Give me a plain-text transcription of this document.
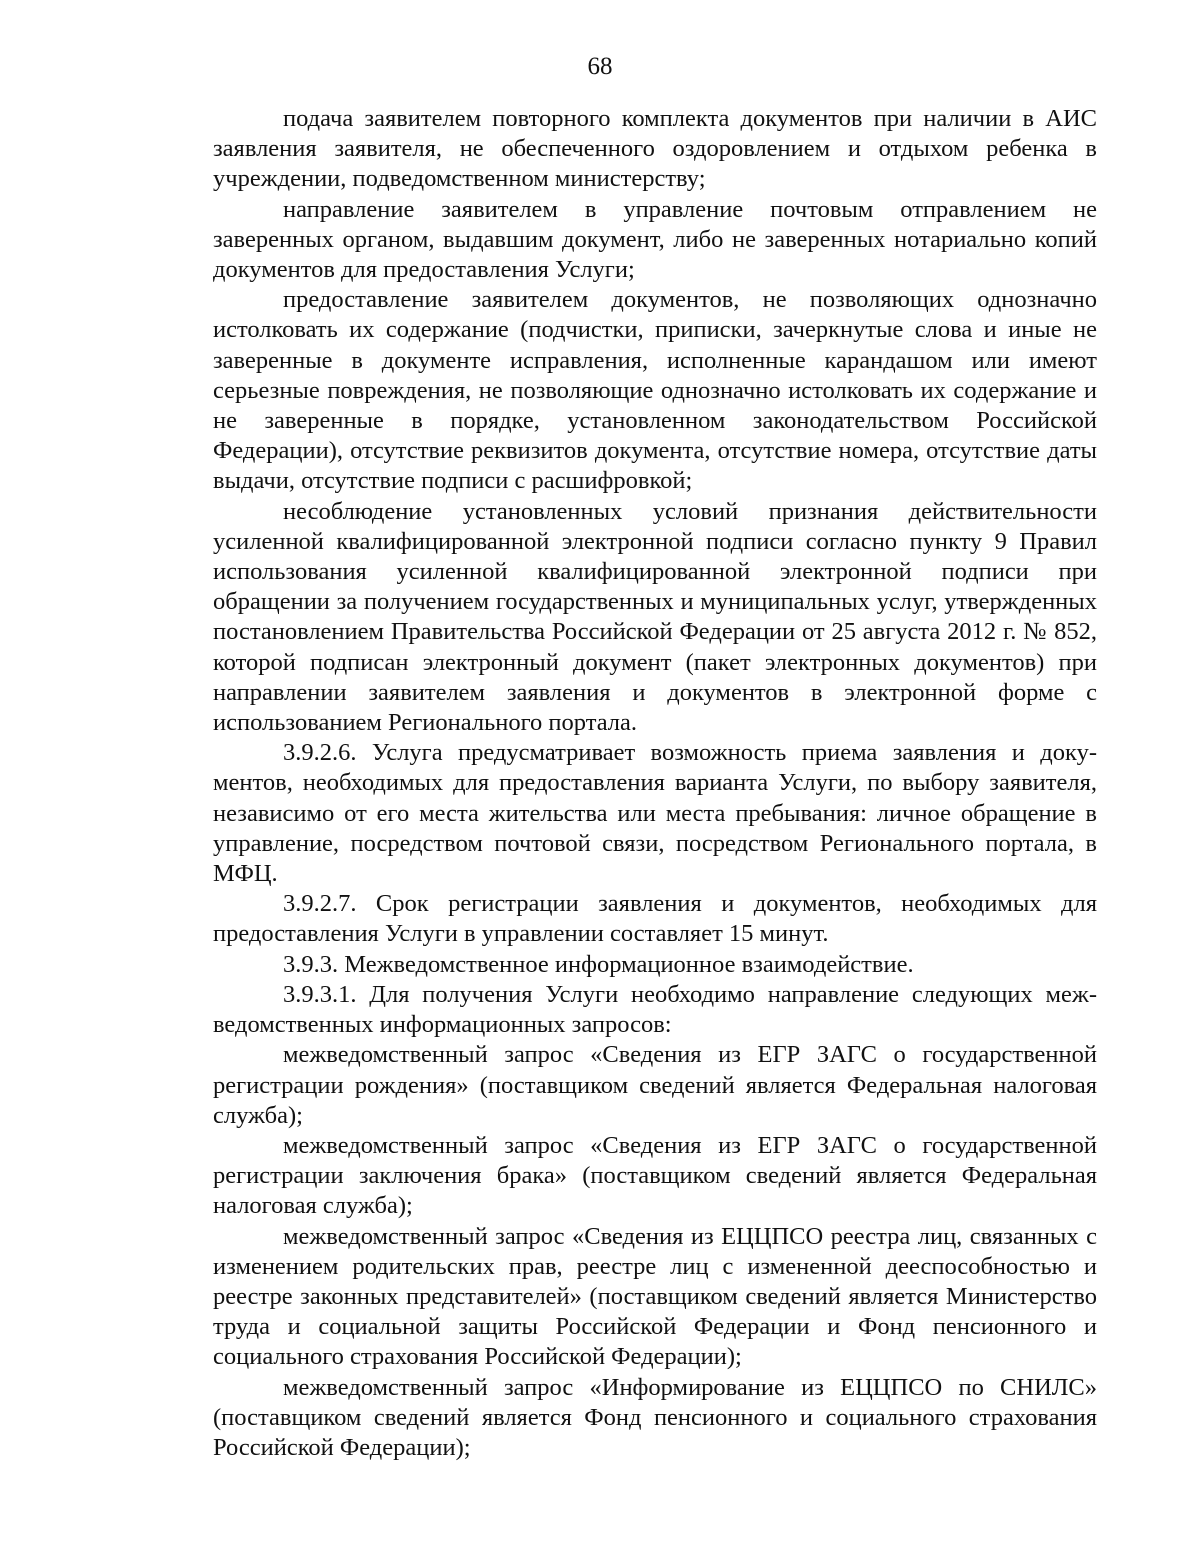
68

подача заявителем повторного комплекта документов при наличии в АИС заявления заявителя, не обеспеченного оздоровлением и отдыхом ребенка в учреждении, подведомственном министерству;

направление заявителем в управление почтовым отправлением не заверенных органом, выдавшим документ, либо не заверенных нотариально копий документов для предоставления Услуги;

предоставление заявителем документов, не позволяющих однозначно истолковать их содержание (подчистки, приписки, зачеркнутые слова и иные не заверенные в документе исправления, исполненные карандашом или имеют серьезные повреждения, не позволяющие однозначно истолковать их содержание и не заверенные в порядке, установленном законодательством Российской Федерации), отсутствие реквизитов документа, отсутствие номера, отсутствие даты выдачи, отсутствие подписи с расшифровкой;

несоблюдение установленных условий признания действительности усиленной квалифицированной электронной подписи согласно пункту 9 Правил использования усиленной квалифицированной электронной подписи при обращении за получением государственных и муниципальных услуг, утвержденных постановлением Правительства Российской Федерации от 25 августа 2012 г. № 852, которой подписан электронный документ (пакет электронных документов) при направлении заявителем заявления и документов в электронной форме с использованием Регионального портала.

3.9.2.6. Услуга предусматривает возможность приема заявления и документов, необходимых для предоставления варианта Услуги, по выбору заявителя, независимо от его места жительства или места пребывания: личное обращение в управление, посредством почтовой связи, посредством Регионального портала, в МФЦ.

3.9.2.7. Срок регистрации заявления и документов, необходимых для предоставления Услуги в управлении составляет 15 минут.

3.9.3. Межведомственное информационное взаимодействие.

3.9.3.1. Для получения Услуги необходимо направление следующих межведомственных информационных запросов:

межведомственный запрос «Сведения из ЕГР ЗАГС о государственной регистрации рождения» (поставщиком сведений является Федеральная налоговая служба);

межведомственный запрос «Сведения из ЕГР ЗАГС о государственной регистрации заключения брака» (поставщиком сведений является Федеральная налоговая служба);

межведомственный запрос «Сведения из ЕЦЦПСО реестра лиц, связанных с изменением родительских прав, реестре лиц с измененной дееспособностью и реестре законных представителей» (поставщиком сведений является Министерство труда и социальной защиты Российской Федерации и Фонд пенсионного и социального страхования Российской Федерации);

межведомственный запрос «Информирование из ЕЦЦПСО по СНИЛС» (поставщиком сведений является Фонд пенсионного и социального страхования Российской Федерации);
